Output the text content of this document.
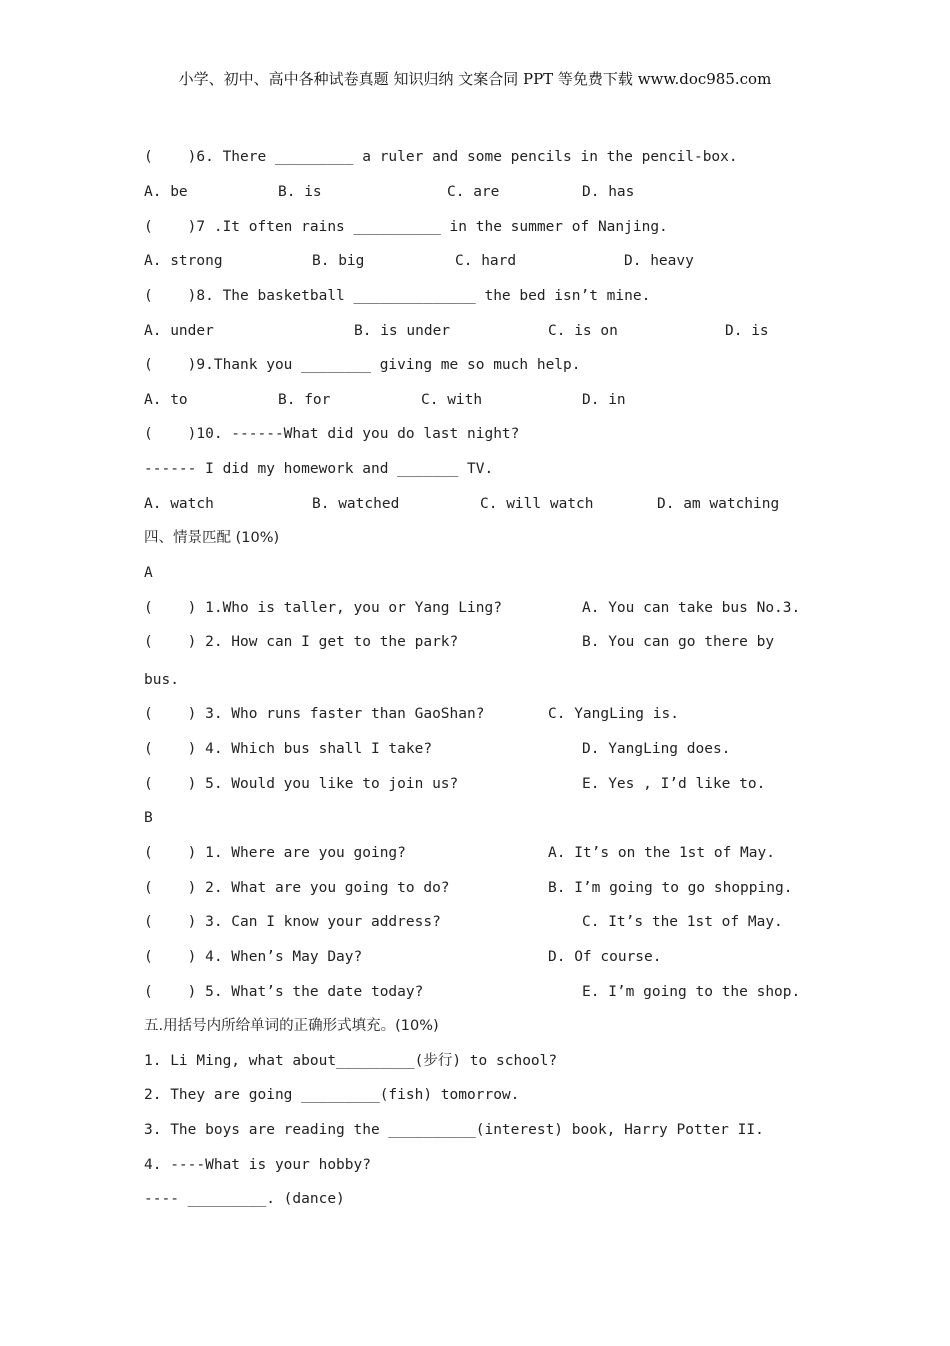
小学、初中、高中各种试卷真题 知识归纳 文案合同 PPT 等免费下载 www.doc985.com
(    )6. There _________ a ruler and some pencils in the pencil-box.
A. be	B. is	C. are	D. has
(    )7 .It often rains __________ in the summer of Nanjing.
A. strong	B. big	C. hard	D. heavy
(    )8. The basketball ______________ the bed isn’t mine.
A. under	B. is under	C. is on	D. is
(    )9.Thank you ________ giving me so much help.
A. to	B. for	C. with	D. in
(    )10. ------What did you do last night?
------ I did my homework and _______ TV.
A. watch	B. watched	C. will watch	D. am watching
四、情景匹配 (10%)
A
(    ) 1.Who is taller, you or Yang Ling?	A. You can take bus No.3.
(    ) 2. How can I get to the park?	B. You can go there by
bus.
(    ) 3. Who runs faster than GaoShan?	C. YangLing is.
(    ) 4. Which bus shall I take?	D. YangLing does.
(    ) 5. Would you like to join us?	E. Yes , I’d like to.
B
(    ) 1. Where are you going?	A. It’s on the 1st of May.
(    ) 2. What are you going to do?	B. I’m going to go shopping.
(    ) 3. Can I know your address?	C. It’s the 1st of May.
(    ) 4. When’s May Day?	D. Of course.
(    ) 5. What’s the date today?	E. I’m going to the shop.
五.用括号内所给单词的正确形式填充。(10%)
1. Li Ming, what about_________(步行) to school?
2. They are going _________(fish) tomorrow.
3. The boys are reading the __________(interest) book, Harry Potter II.
4. ----What is your hobby?
---- _________. (dance)
